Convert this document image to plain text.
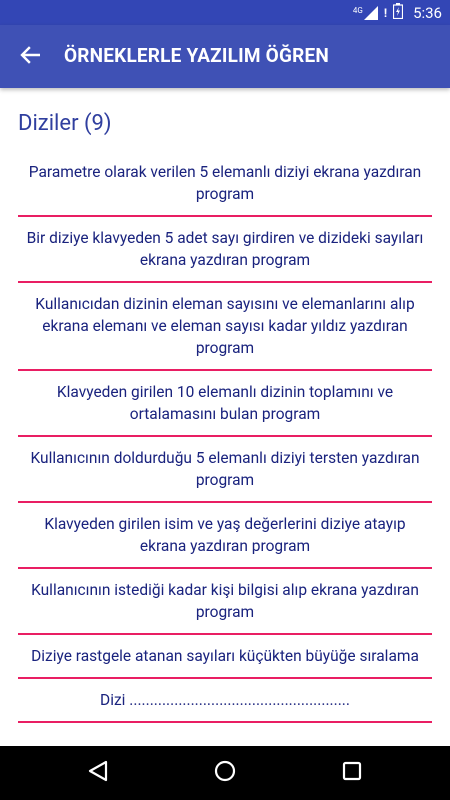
4G ! 5:36
ÖRNEKLERLE YAZILIM ÖĞREN
Diziler (9)
Parametre olarak verilen 5 elemanlı diziyi ekrana yazdıran program
Bir diziye klavyeden 5 adet sayı girdiren ve dizideki sayıları ekrana yazdıran program
Kullanıcıdan dizinin eleman sayısını ve elemanlarını alıp ekrana elemanı ve eleman sayısı kadar yıldız yazdıran program
Klavyeden girilen 10 elemanlı dizinin toplamını ve ortalamasını bulan program
Kullanıcının doldurduğu 5 elemanlı diziyi tersten yazdıran program
Klavyeden girilen isim ve yaş değerlerini diziye atayıp ekrana yazdıran program
Kullanıcının istediği kadar kişi bilgisi alıp ekrana yazdıran program
Diziye rastgele atanan sayıları küçükten büyüğe sıralama
Dizi ......................................................
